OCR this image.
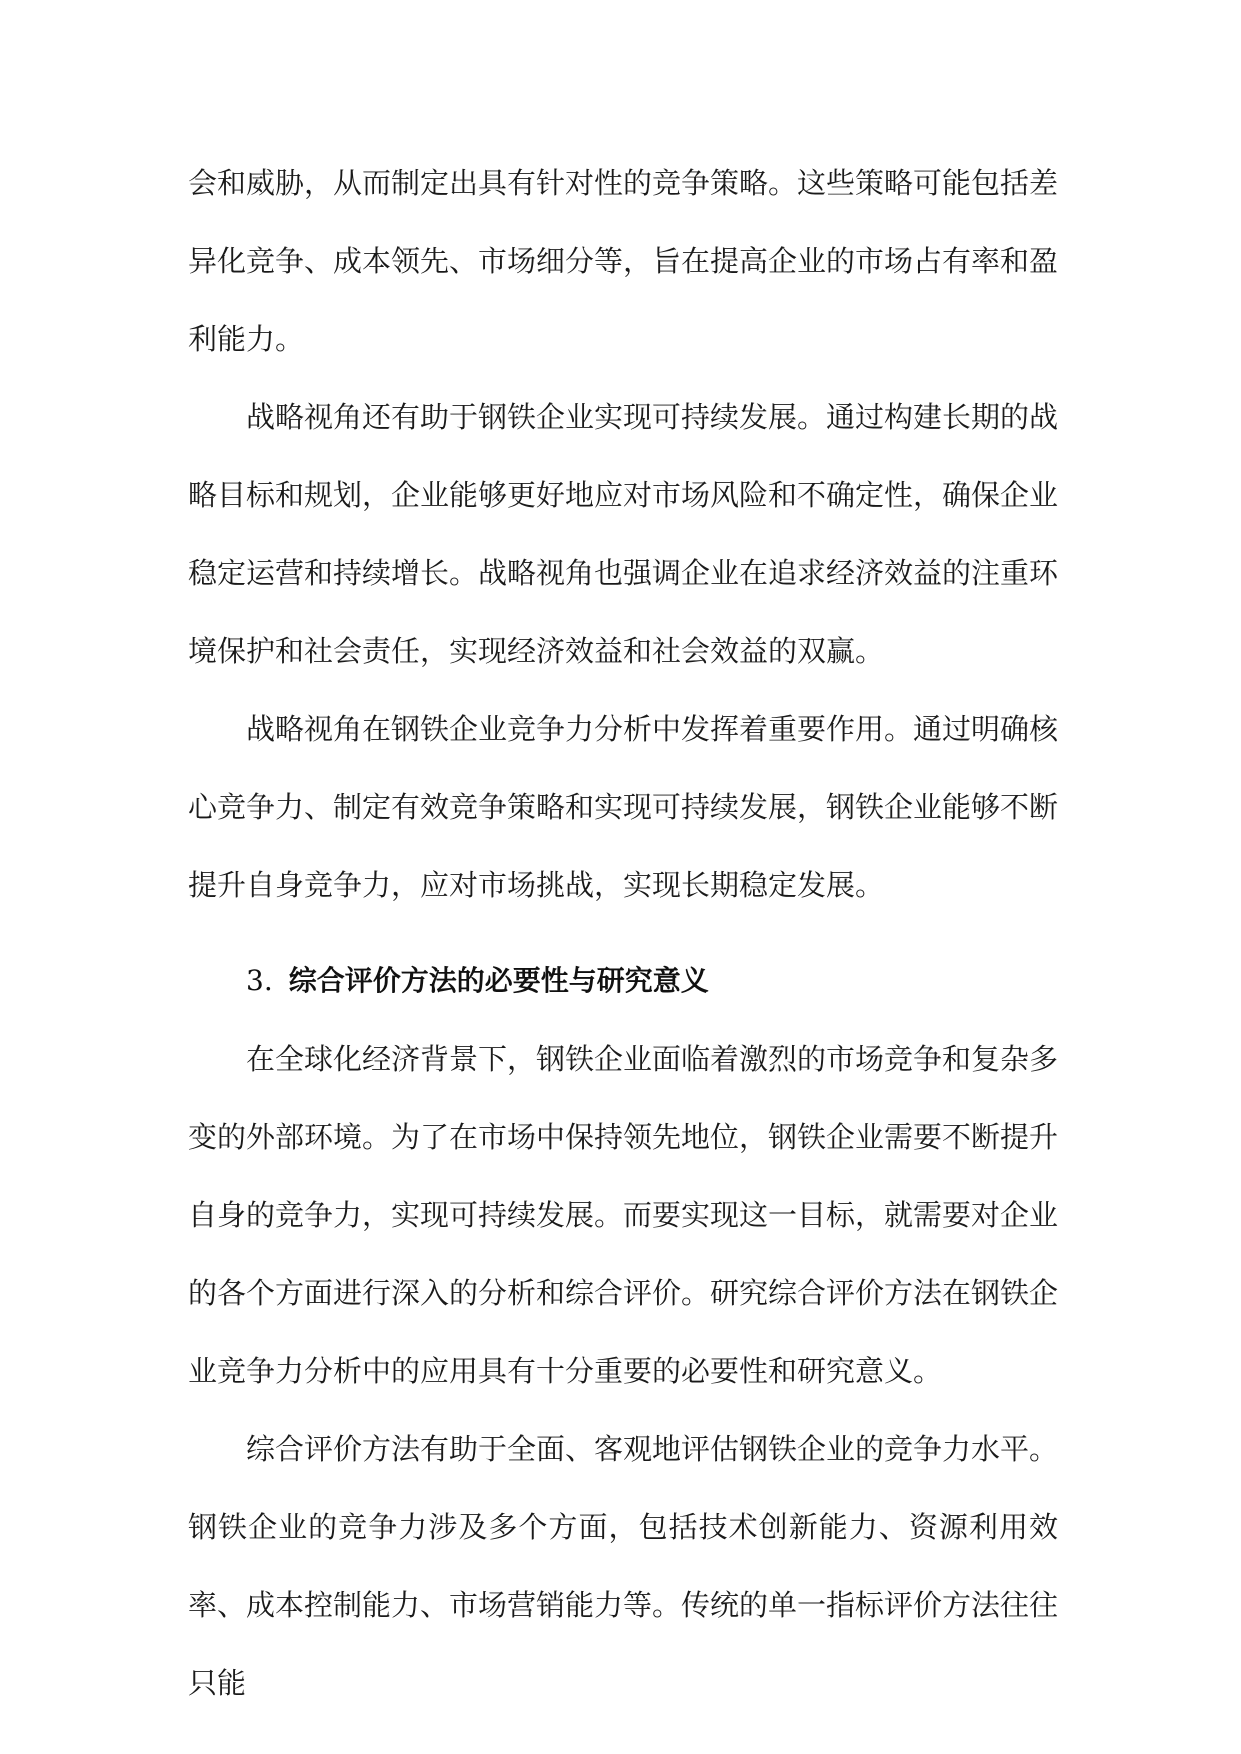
会和威胁，从而制定出具有针对性的竞争策略。这些策略可能包括差异化竞争、成本领先、市场细分等，旨在提高企业的市场占有率和盈利能力。

战略视角还有助于钢铁企业实现可持续发展。通过构建长期的战略目标和规划，企业能够更好地应对市场风险和不确定性，确保企业稳定运营和持续增长。战略视角也强调企业在追求经济效益的注重环境保护和社会责任，实现经济效益和社会效益的双赢。

战略视角在钢铁企业竞争力分析中发挥着重要作用。通过明确核心竞争力、制定有效竞争策略和实现可持续发展，钢铁企业能够不断提升自身竞争力，应对市场挑战，实现长期稳定发展。

3. 综合评价方法的必要性与研究意义

在全球化经济背景下，钢铁企业面临着激烈的市场竞争和复杂多变的外部环境。为了在市场中保持领先地位，钢铁企业需要不断提升自身的竞争力，实现可持续发展。而要实现这一目标，就需要对企业的各个方面进行深入的分析和综合评价。研究综合评价方法在钢铁企业竞争力分析中的应用具有十分重要的必要性和研究意义。

综合评价方法有助于全面、客观地评估钢铁企业的竞争力水平。钢铁企业的竞争力涉及多个方面，包括技术创新能力、资源利用效率、成本控制能力、市场营销能力等。传统的单一指标评价方法往往只能
